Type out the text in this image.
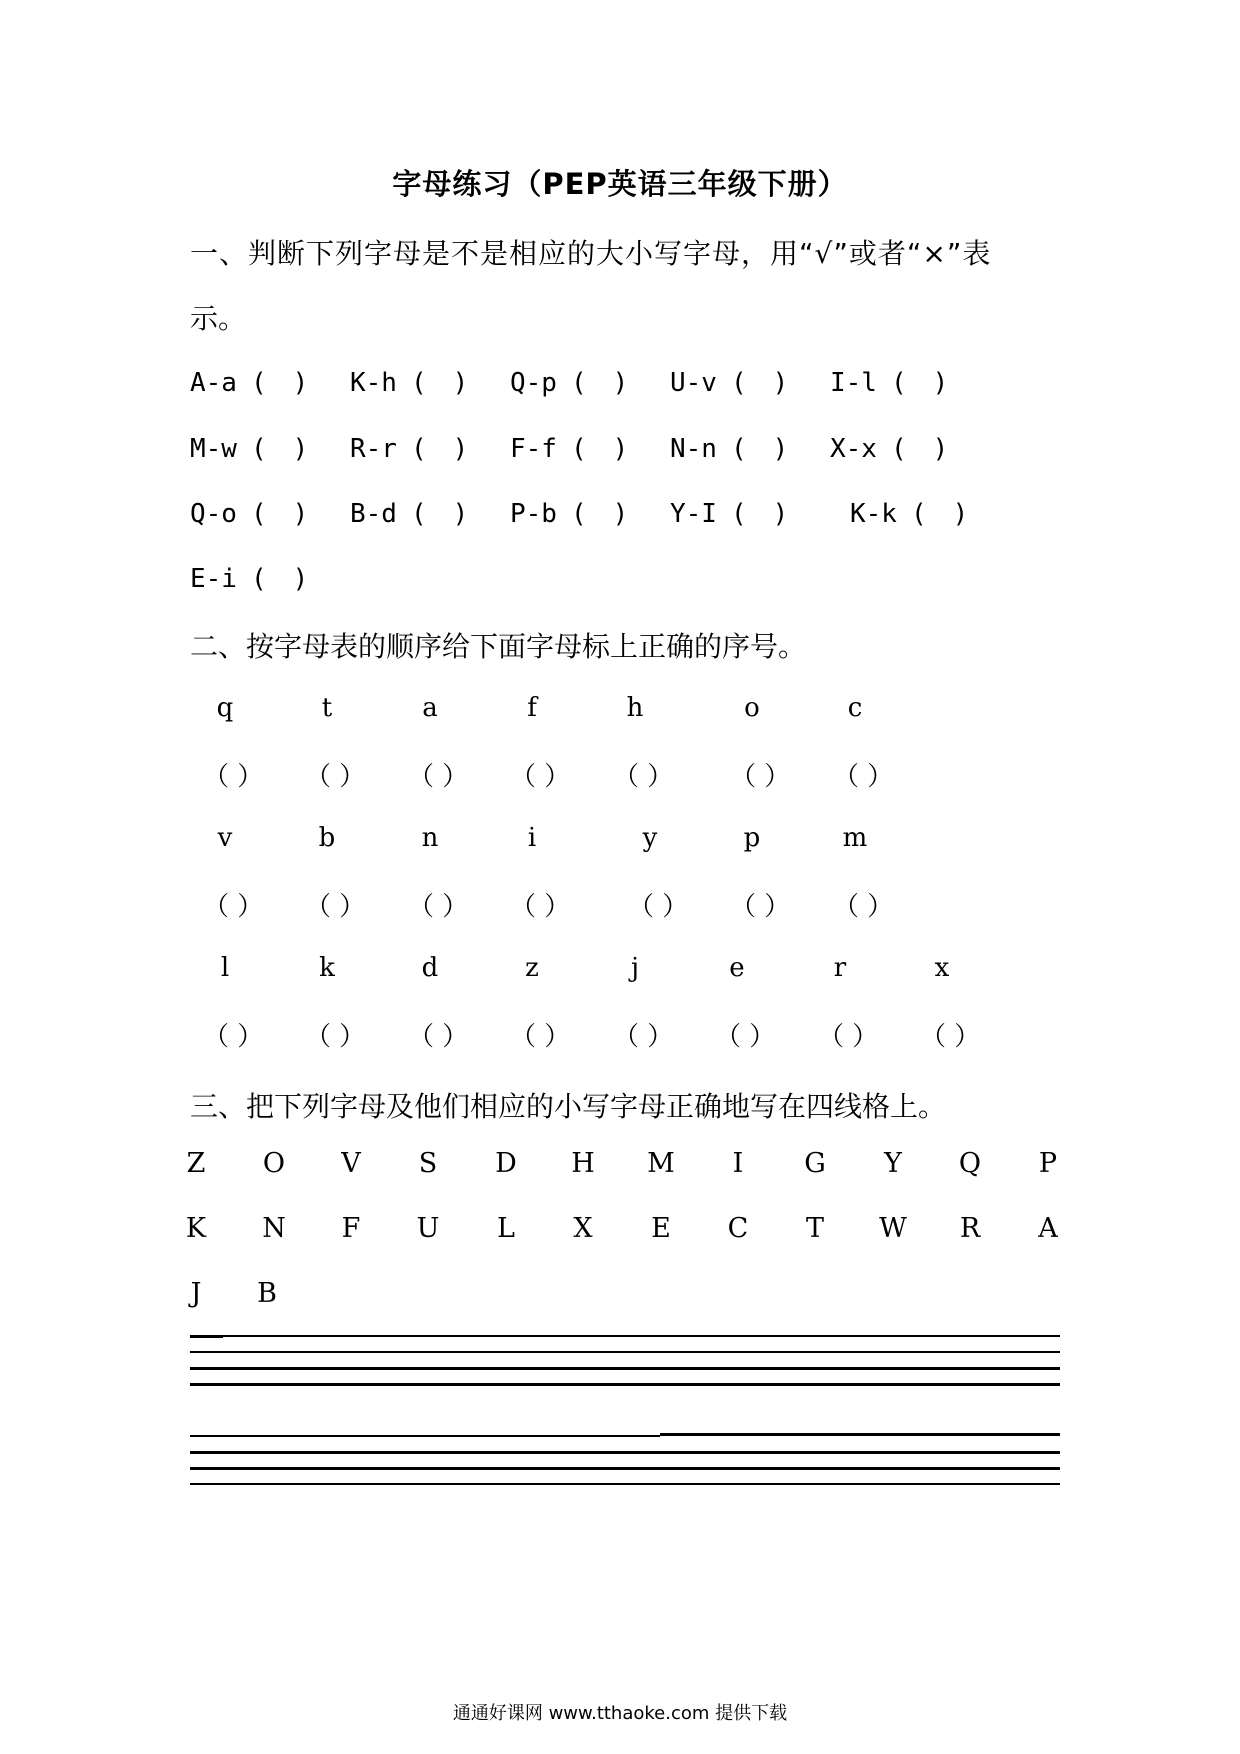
字母练习（PEP英语三年级下册）
一、判断下列字母是不是相应的大小写字母，用“√”或者“×”表
示。
A-a (　) K-h (　) Q-p (　) U-v (　) I-l (　)
M-w (　) R-r (　) F-f (　) N-n (　) X-x (　)
Q-o (　) B-d (　) P-b (　) Y-I (　) K-k (　)
E-i (　)
二、按字母表的顺序给下面字母标上正确的序号。
q	t	a	f	h	o	c
（ ） （ ） （ ） （ ） （ ） （ ） （ ）
v	b	n	i	y	p	m
（ ） （ ） （ ） （ ） （ ） （ ） （ ）
l	k	d	z	j	e	r	x
（ ） （ ） （ ） （ ） （ ） （ ） （ ） （ ）
三、把下列字母及他们相应的小写字母正确地写在四线格上。
Z O V S D H M	I	G Y Q P
K N F U L X E C T W R A
J	B
通通好课网 www.tthaoke.com 提供下载
